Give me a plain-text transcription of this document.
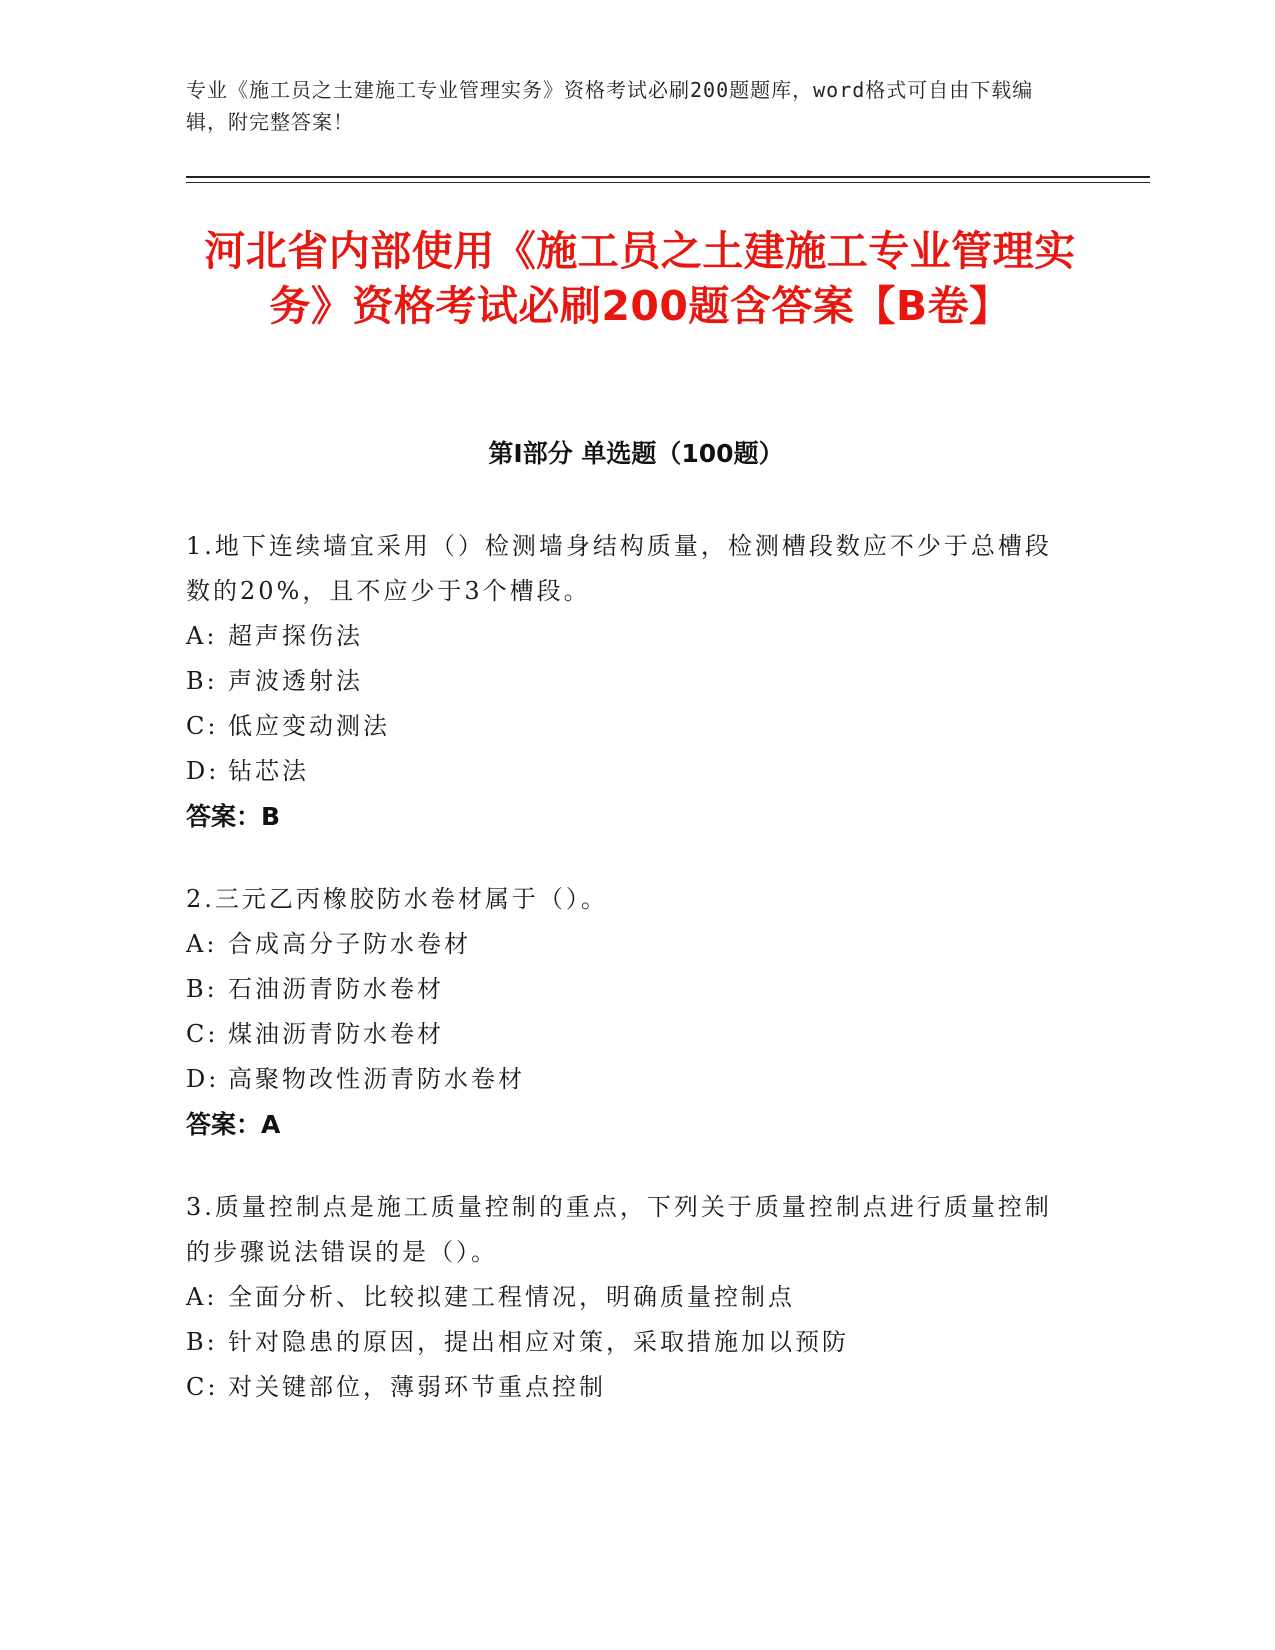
专业《施工员之土建施工专业管理实务》资格考试必刷200题题库，word格式可自由下载编辑，附完整答案！
河北省内部使用《施工员之土建施工专业管理实务》资格考试必刷200题含答案【B卷】
第Ⅰ部分 单选题（100题）
1.地下连续墙宜采用（）检测墙身结构质量，检测槽段数应不少于总槽段数的20%，且不应少于3个槽段。
A: 超声探伤法
B: 声波透射法
C: 低应变动测法
D: 钻芯法
答案：B
2.三元乙丙橡胶防水卷材属于（）。
A: 合成高分子防水卷材
B: 石油沥青防水卷材
C: 煤油沥青防水卷材
D: 高聚物改性沥青防水卷材
答案：A
3.质量控制点是施工质量控制的重点，下列关于质量控制点进行质量控制的步骤说法错误的是（）。
A: 全面分析、比较拟建工程情况，明确质量控制点
B: 针对隐患的原因，提出相应对策，采取措施加以预防
C: 对关键部位，薄弱环节重点控制
